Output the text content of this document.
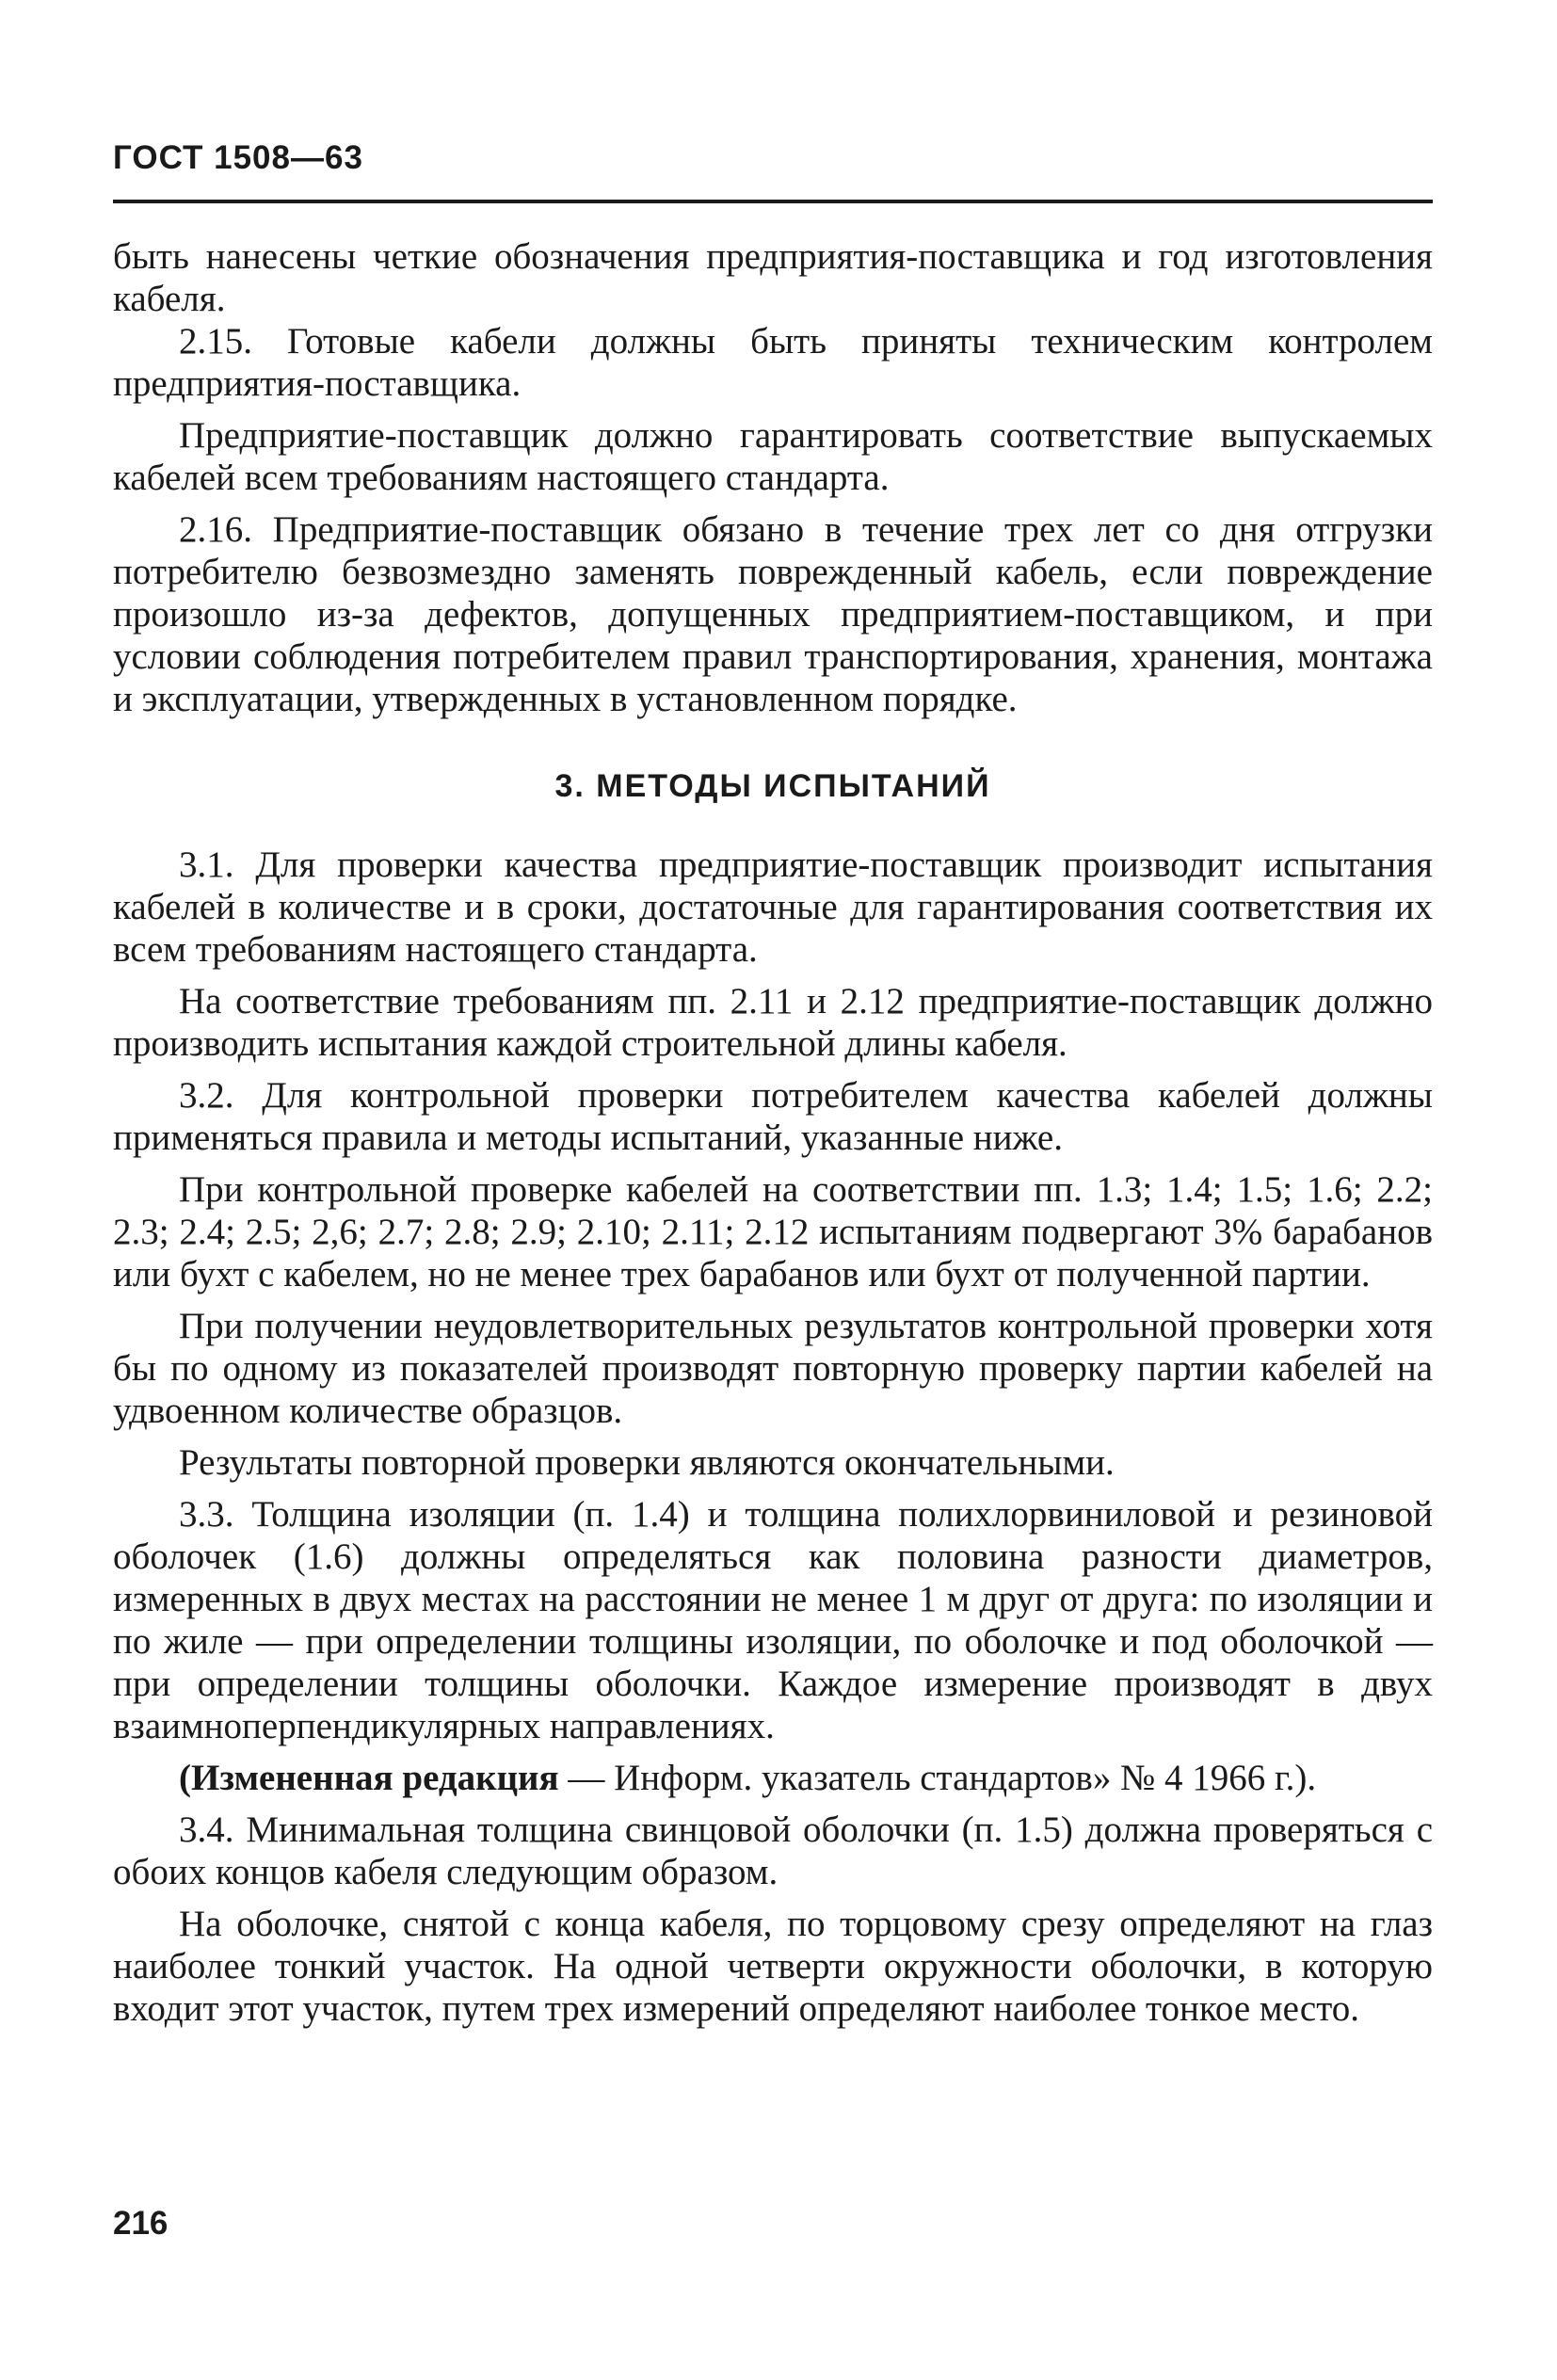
ГОСТ 1508—63

быть нанесены четкие обозначения предприятия-поставщика и год изготовления кабеля.

2.15. Готовые кабели должны быть приняты техническим контролем предприятия-поставщика.

Предприятие-поставщик должно гарантировать соответствие выпускаемых кабелей всем требованиям настоящего стандарта.

2.16. Предприятие-поставщик обязано в течение трех лет со дня отгрузки потребителю безвозмездно заменять поврежденный кабель, если повреждение произошло из-за дефектов, допущенных предприятием-поставщиком, и при условии соблюдения потребителем правил транспортирования, хранения, монтажа и эксплуатации, утвержденных в установленном порядке.

3. МЕТОДЫ ИСПЫТАНИЙ

3.1. Для проверки качества предприятие-поставщик производит испытания кабелей в количестве и в сроки, достаточные для гарантирования соответствия их всем требованиям настоящего стандарта.

На соответствие требованиям пп. 2.11 и 2.12 предприятие-поставщик должно производить испытания каждой строительной длины кабеля.

3.2. Для контрольной проверки потребителем качества кабелей должны применяться правила и методы испытаний, указанные ниже.

При контрольной проверке кабелей на соответствии пп. 1.3; 1.4; 1.5; 1.6; 2.2; 2.3; 2.4; 2.5; 2,6; 2.7; 2.8; 2.9; 2.10; 2.11; 2.12 испытаниям подвергают 3% барабанов или бухт с кабелем, но не менее трех барабанов или бухт от полученной партии.

При получении неудовлетворительных результатов контрольной проверки хотя бы по одному из показателей производят повторную проверку партии кабелей на удвоенном количестве образцов.

Результаты повторной проверки являются окончательными.

3.3. Толщина изоляции (п. 1.4) и толщина полихлорвиниловой и резиновой оболочек (1.6) должны определяться как половина разности диаметров, измеренных в двух местах на расстоянии не менее 1 м друг от друга: по изоляции и по жиле — при определении толщины изоляции, по оболочке и под оболочкой — при определении толщины оболочки. Каждое измерение производят в двух взаимноперпендикулярных направлениях.

(Измененная редакция — Информ. указатель стандартов» № 4 1966 г.).

3.4. Минимальная толщина свинцовой оболочки (п. 1.5) должна проверяться с обоих концов кабеля следующим образом.

На оболочке, снятой с конца кабеля, по торцовому срезу определяют на глаз наиболее тонкий участок. На одной четверти окружности оболочки, в которую входит этот участок, путем трех измерений определяют наиболее тонкое место.

216
